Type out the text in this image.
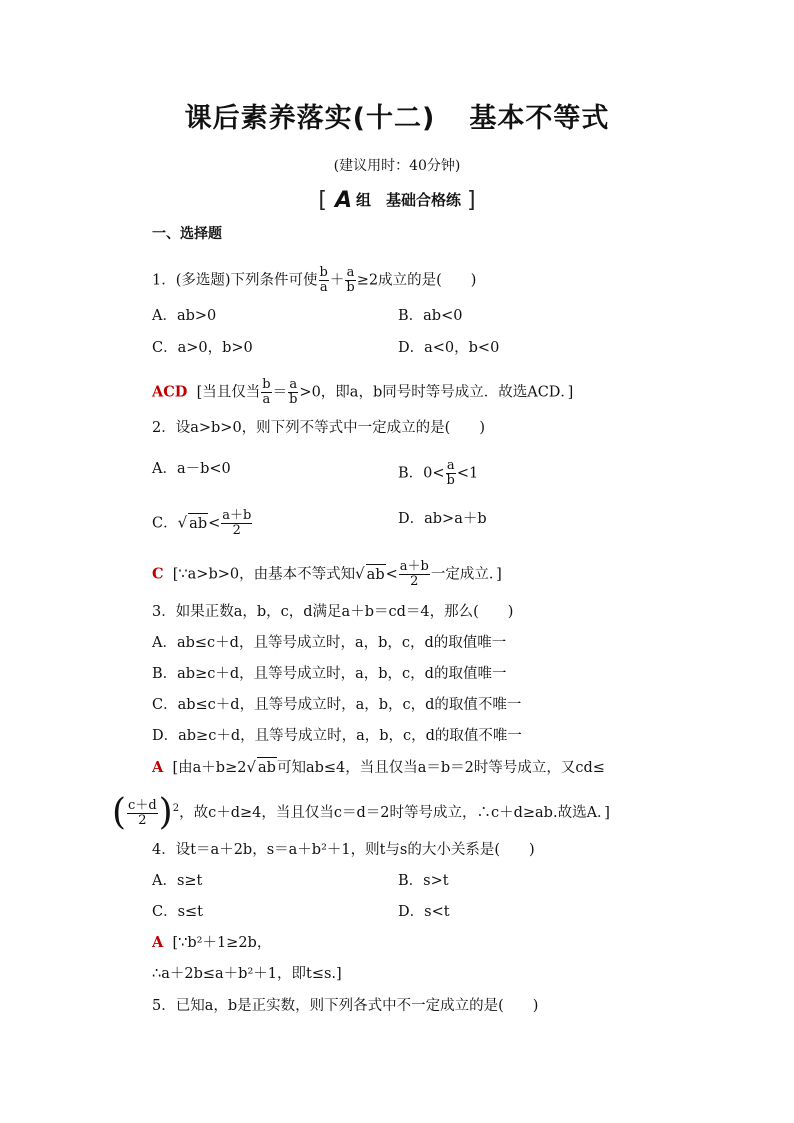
课后素养落实(十二) 基本不等式
(建议用时：40分钟)
[ A 组　基础合格练 ]
一、选择题
1．(多选题)下列条件可使 $\frac{b}{a} + \frac{a}{b} \ge 2$成立的是(　　)
A．ab>0	B．ab<0
C．a>0，b>0	D．a<0，b<0
ACD [当且仅当 $\frac{b}{a} = \frac{a}{b} >0$，即a，b同号时等号成立．故选ACD．]
2．设a>b>0，则下列不等式中一定成立的是(　　)
A．a－b<0	B．$0< \frac{a}{b} <1$
C．√ $ab< \frac{a+b}{2}$	D．ab>a＋b
C [∵a>b>0，由基本不等式知√ $ab< \frac{a+b}{2}$ 一定成立．]
3．如果正数a，b，c，d满足a＋b＝cd＝4，那么(　　)
A．ab≤c＋d，且等号成立时，a，b，c，d的取值唯一
B．ab≥c＋d，且等号成立时，a，b，c，d的取值唯一
C．ab≤c＋d，且等号成立时，a，b，c，d的取值不唯一
D．ab≥c＋d，且等号成立时，a，b，c，d的取值不唯一
A [由a＋b≥2√ ab可知ab≤4，当且仅当a＝b＝2时等号成立，又cd≤
( $\frac{c+d}{2} )^2$，故c＋d≥4，当且仅当c＝d＝2时等号成立，∴c＋d≥ab.故选A．]
4．设t＝a＋2b，s＝a＋b²＋1，则t与s的大小关系是(　　)
A．s≥t	B．s>t
C．s≤t	D．s<t
A [∵b²＋1≥2b，
∴a＋2b≤a＋b²＋1，即t≤s.]
5．已知a，b是正实数，则下列各式中不一定成立的是(　　)
